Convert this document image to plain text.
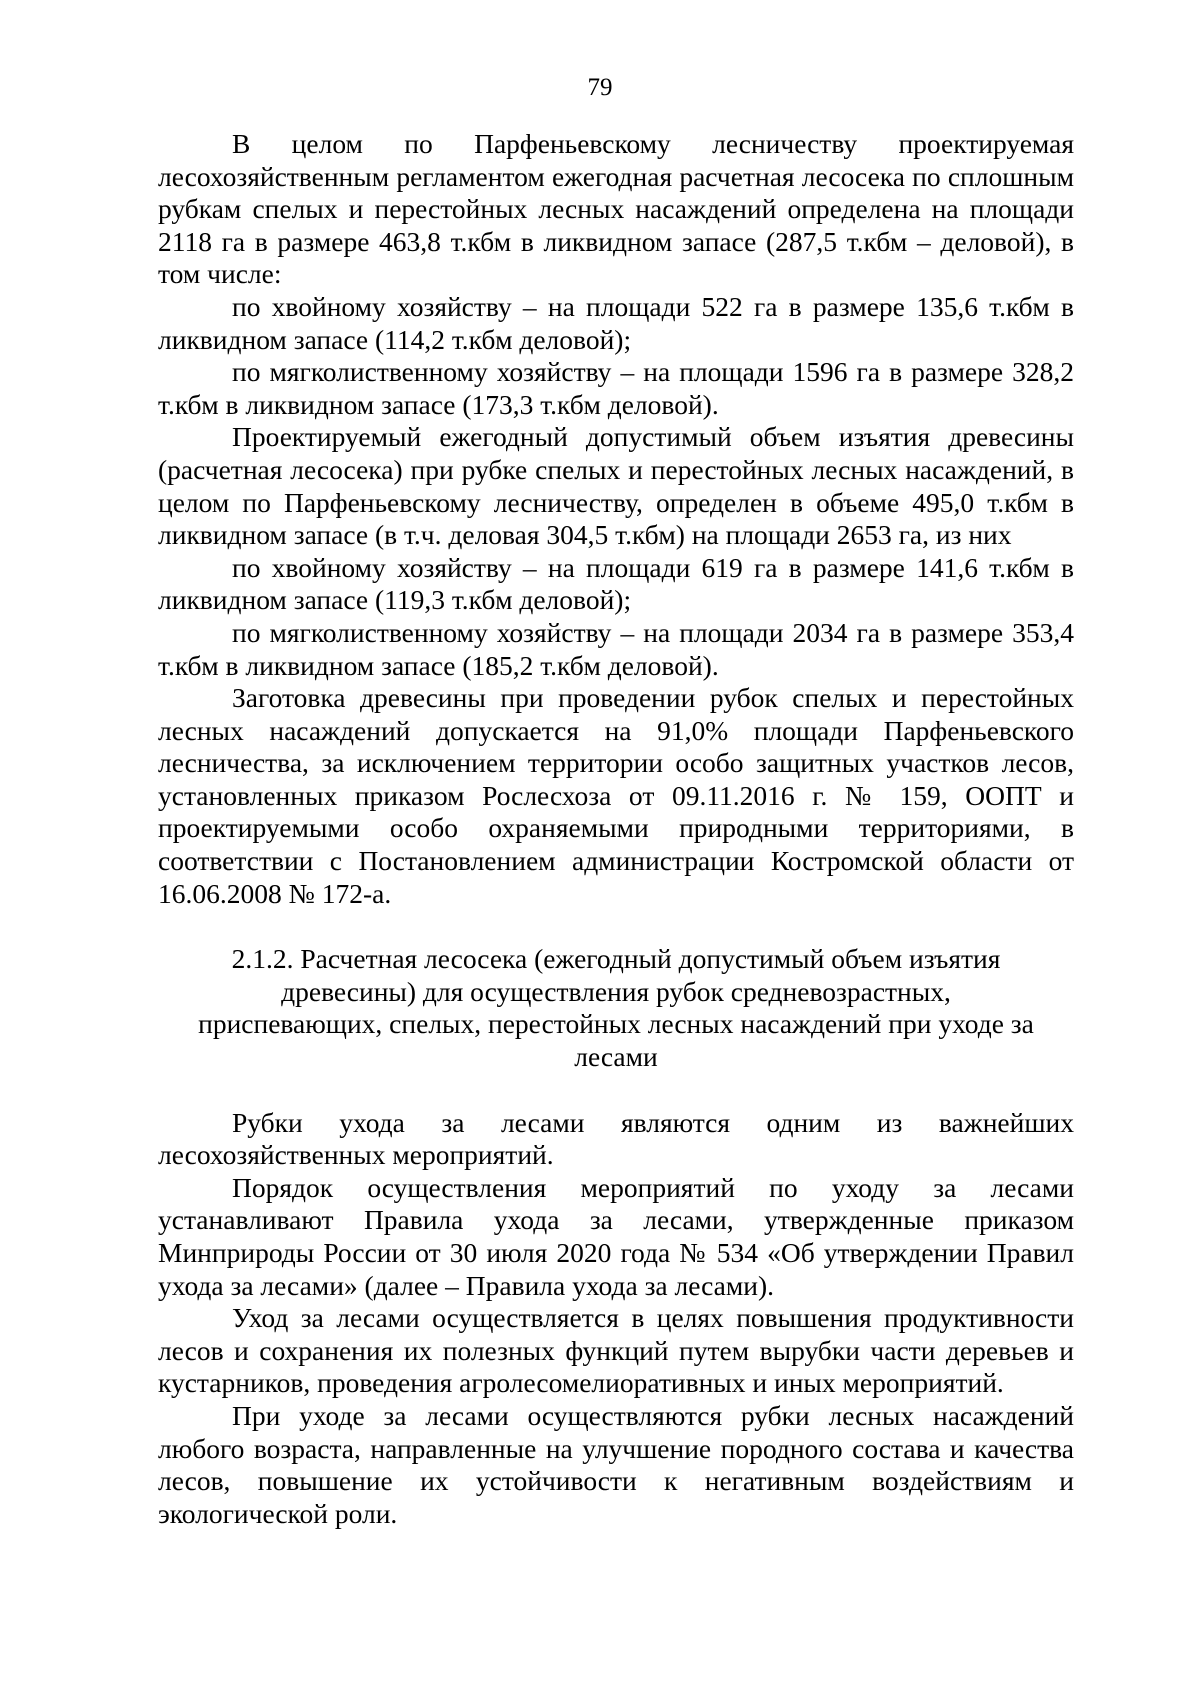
79

В целом по Парфеньевскому лесничеству проектируемая лесохозяйственным регламентом ежегодная расчетная лесосека по сплошным рубкам спелых и перестойных лесных насаждений определена на площади 2118 га в размере 463,8 т.кбм в ликвидном запасе (287,5 т.кбм – деловой), в том числе:

по хвойному хозяйству – на площади 522 га в размере 135,6 т.кбм в ликвидном запасе (114,2 т.кбм деловой);

по мягколиственному хозяйству – на площади 1596 га в размере 328,2 т.кбм в ликвидном запасе (173,3 т.кбм деловой).

Проектируемый ежегодный допустимый объем изъятия древесины (расчетная лесосека) при рубке спелых и перестойных лесных насаждений, в целом по Парфеньевскому лесничеству, определен в объеме 495,0 т.кбм в ликвидном запасе (в т.ч. деловая 304,5 т.кбм) на площади 2653 га, из них

по хвойному хозяйству – на площади 619 га в размере 141,6 т.кбм в ликвидном запасе (119,3 т.кбм деловой);

по мягколиственному хозяйству – на площади 2034 га в размере 353,4 т.кбм в ликвидном запасе (185,2 т.кбм деловой).

Заготовка древесины при проведении рубок спелых и перестойных лесных насаждений допускается на 91,0% площади Парфеньевского лесничества, за исключением территории особо защитных участков лесов, установленных приказом Рослесхоза от 09.11.2016 г. № 159, ООПТ и проектируемыми особо охраняемыми природными территориями, в соответствии с Постановлением администрации Костромской области от 16.06.2008 № 172-а.

2.1.2. Расчетная лесосека (ежегодный допустимый объем изъятия древесины) для осуществления рубок средневозрастных, приспевающих, спелых, перестойных лесных насаждений при уходе за лесами

Рубки ухода за лесами являются одним из важнейших лесохозяйственных мероприятий.

Порядок осуществления мероприятий по уходу за лесами устанавливают Правила ухода за лесами, утвержденные приказом Минприроды России от 30 июля 2020 года № 534 «Об утверждении Правил ухода за лесами» (далее – Правила ухода за лесами).

Уход за лесами осуществляется в целях повышения продуктивности лесов и сохранения их полезных функций путем вырубки части деревьев и кустарников, проведения агролесомелиоративных и иных мероприятий.

При уходе за лесами осуществляются рубки лесных насаждений любого возраста, направленные на улучшение породного состава и качества лесов, повышение их устойчивости к негативным воздействиям и экологической роли.
